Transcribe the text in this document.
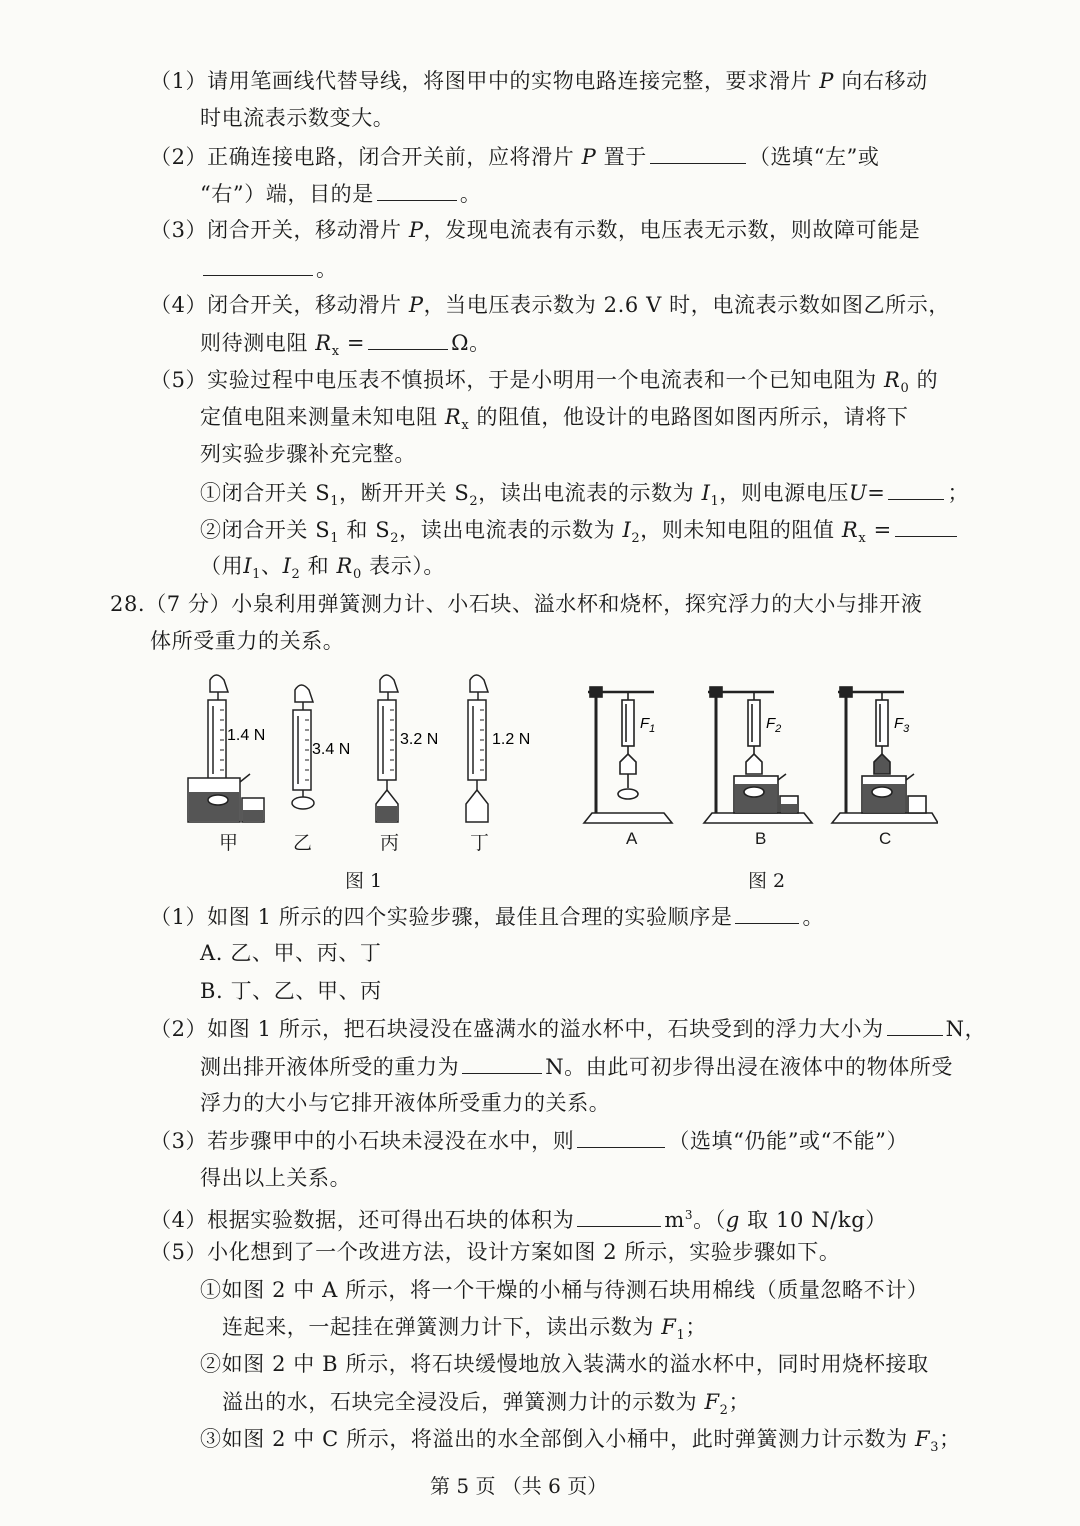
（1）请用笔画线代替导线，将图甲中的实物电路连接完整，要求滑片 P 向右移动
时电流表示数变大。
（2）正确连接电路，闭合开关前，应将滑片 P 置于	（选填“左”或
“右”）端，目的是	。
（3）闭合开关，移动滑片 P，发现电流表有示数，电压表无示数，则故障可能是
。
（4）闭合开关，移动滑片 P，当电压表示数为 2.6 V 时，电流表示数如图乙所示，
则待测电阻 $R_x$ =	Ω。
（5）实验过程中电压表不慎损坏，于是小明用一个电流表和一个已知电阻为 $R_0$ 的
定值电阻来测量未知电阻 $R_x$ 的阻值，他设计的电路图如图丙所示，请将下
列实验步骤补充完整。
①闭合开关 $S_1$，断开开关 $S_2$，读出电流表的示数为 $I_1$，则电源电压U=	；
②闭合开关 $S_1$ 和 $S_2$，读出电流表的示数为 $I_2$，则未知电阻的阻值 $R_x$ =
（用$I_1$、$I_2$ 和 $R_0$ 表示）。
28.（7 分）小泉利用弹簧测力计、小石块、溢水杯和烧杯，探究浮力的大小与排开液
体所受重力的关系。
1.4 N
3.4 N
3.2 N	1.2 N
甲	乙	丙	丁
图 1
$F_1$	$F_2$	$F_3$
A	B	C
图 2
（1）如图 1 所示的四个实验步骤，最佳且合理的实验顺序是	。
A. 乙、甲、丙、丁
B. 丁、乙、甲、丙
（2）如图 1 所示，把石块浸没在盛满水的溢水杯中，石块受到的浮力大小为	N，
测出排开液体所受的重力为	N。由此可初步得出浸在液体中的物体所受
浮力的大小与它排开液体所受重力的关系。
（3）若步骤甲中的小石块未浸没在水中，则	（选填“仍能”或“不能”）
得出以上关系。
（4）根据实验数据，还可得出石块的体积为	$m^3$。（g 取 10 N/kg）
（5）小化想到了一个改进方法，设计方案如图 2 所示，实验步骤如下。
①如图 2 中 A 所示，将一个干燥的小桶与待测石块用棉线（质量忽略不计）
连起来，一起挂在弹簧测力计下，读出示数为 $F_1$；
②如图 2 中 B 所示，将石块缓慢地放入装满水的溢水杯中，同时用烧杯接取
溢出的水，石块完全浸没后，弹簧测力计的示数为 $F_2$；
③如图 2 中 C 所示，将溢出的水全部倒入小桶中，此时弹簧测力计示数为 $F_3$；
第 5 页 （共 6 页）
